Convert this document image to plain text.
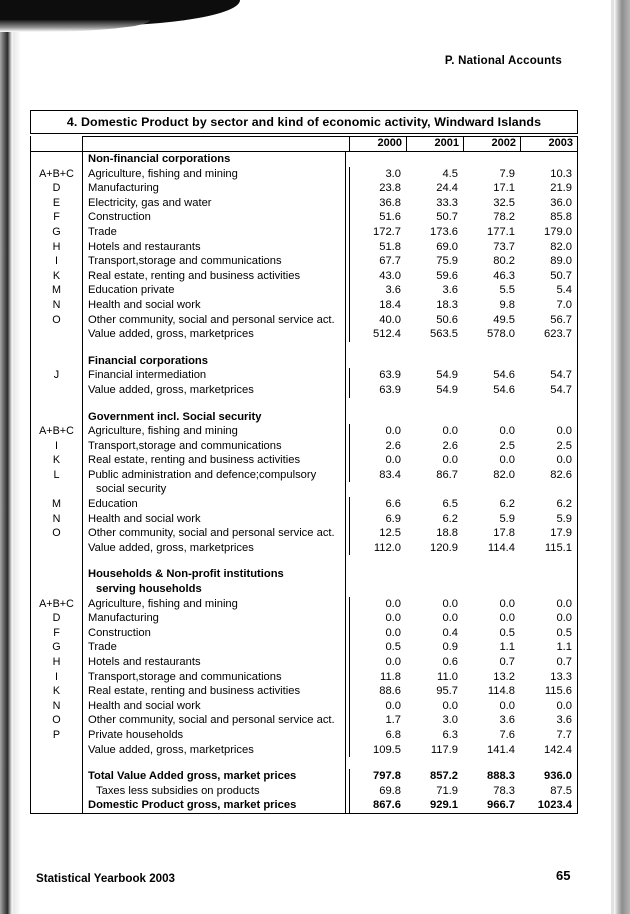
P. National Accounts
4. Domestic Product by sector and kind of economic activity, Windward Islands
2000	2001	2002	2003
Non-financial corporations
A+B+C	Agriculture, fishing and mining	3.0	4.5	7.9	10.3
D	Manufacturing	23.8	24.4	17.1	21.9
E	Electricity, gas and water	36.8	33.3	32.5	36.0
F	Construction	51.6	50.7	78.2	85.8
G	Trade	172.7	173.6	177.1	179.0
H	Hotels and restaurants	51.8	69.0	73.7	82.0
I	Transport,storage and communications	67.7	75.9	80.2	89.0
K	Real estate, renting and business activities	43.0	59.6	46.3	50.7
M	Education private	3.6	3.6	5.5	5.4
N	Health and social work	18.4	18.3	9.8	7.0
O	Other community, social and personal service act.	40.0	50.6	49.5	56.7
Value added, gross, marketprices	512.4	563.5	578.0	623.7
Financial corporations
J	Financial intermediation	63.9	54.9	54.6	54.7
Value added, gross, marketprices	63.9	54.9	54.6	54.7
Government incl. Social security
A+B+C	Agriculture, fishing and mining	0.0	0.0	0.0	0.0
I	Transport,storage and communications	2.6	2.6	2.5	2.5
K	Real estate, renting and business activities	0.0	0.0	0.0	0.0
L	Public administration and defence;compulsory	83.4	86.7	82.0	82.6
social security
M	Education	6.6	6.5	6.2	6.2
N	Health and social work	6.9	6.2	5.9	5.9
O	Other community, social and personal service act.	12.5	18.8	17.8	17.9
Value added, gross, marketprices	112.0	120.9	114.4	115.1
Households & Non-profit institutions
serving households
A+B+C	Agriculture, fishing and mining	0.0	0.0	0.0	0.0
D	Manufacturing	0.0	0.0	0.0	0.0
F	Construction	0.0	0.4	0.5	0.5
G	Trade	0.5	0.9	1.1	1.1
H	Hotels and restaurants	0.0	0.6	0.7	0.7
I	Transport,storage and communications	11.8	11.0	13.2	13.3
K	Real estate, renting and business activities	88.6	95.7	114.8	115.6
N	Health and social work	0.0	0.0	0.0	0.0
O	Other community, social and personal service act.	1.7	3.0	3.6	3.6
P	Private households	6.8	6.3	7.6	7.7
Value added, gross, marketprices	109.5	117.9	141.4	142.4
Total Value Added gross, market prices	797.8	857.2	888.3	936.0
Taxes less subsidies on products	69.8	71.9	78.3	87.5
Domestic Product gross, market prices	867.6	929.1	966.7	1023.4
Statistical Yearbook 2003	65
